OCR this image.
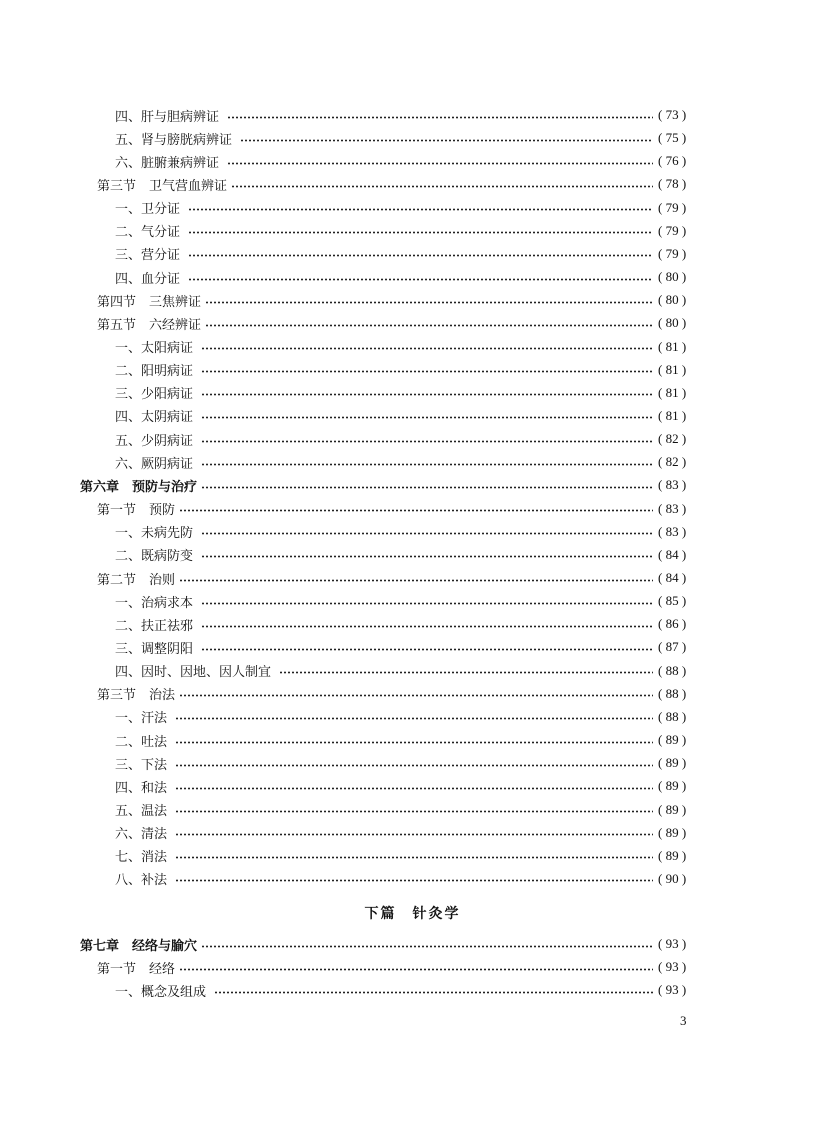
下篇　针灸学
3
四、肝与胆病辨证	( 73 )
五、肾与膀胱病辨证	( 75 )
六、脏腑兼病辨证	( 76 )
第三节　卫气营血辨证	( 78 )
一、卫分证	( 79 )
二、气分证	( 79 )
三、营分证	( 79 )
四、血分证	( 80 )
第四节　三焦辨证	( 80 )
第五节　六经辨证	( 80 )
一、太阳病证	( 81 )
二、阳明病证	( 81 )
三、少阳病证	( 81 )
四、太阴病证	( 81 )
五、少阴病证	( 82 )
六、厥阴病证	( 82 )
第六章　预防与治疗	( 83 )
第一节　预防	( 83 )
一、未病先防	( 83 )
二、既病防变	( 84 )
第二节　治则	( 84 )
一、治病求本	( 85 )
二、扶正祛邪	( 86 )
三、调整阴阳	( 87 )
四、因时、因地、因人制宜	( 88 )
第三节　治法	( 88 )
一、汗法	( 88 )
二、吐法	( 89 )
三、下法	( 89 )
四、和法	( 89 )
五、温法	( 89 )
六、清法	( 89 )
七、消法	( 89 )
八、补法	( 90 )
第七章　经络与腧穴	( 93 )
第一节　经络	( 93 )
一、概念及组成	( 93 )
